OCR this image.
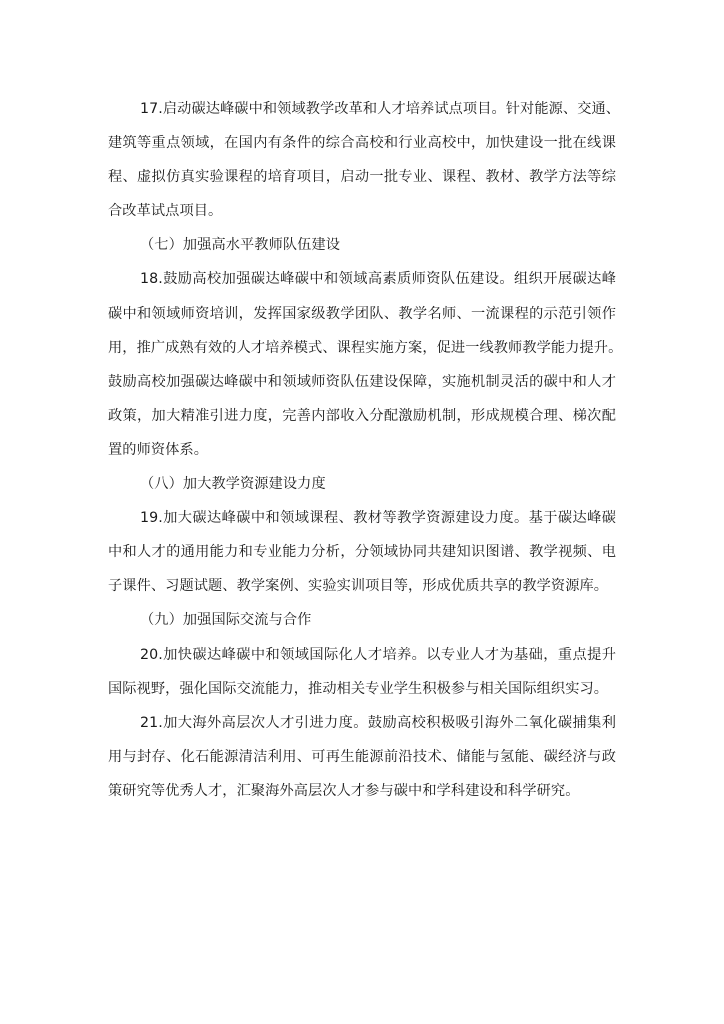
17.启动碳达峰碳中和领域教学改革和人才培养试点项目。针对能源、交通、
建筑等重点领域，在国内有条件的综合高校和行业高校中，加快建设一批在线课
程、虚拟仿真实验课程的培育项目，启动一批专业、课程、教材、教学方法等综
合改革试点项目。
（七）加强高水平教师队伍建设
18.鼓励高校加强碳达峰碳中和领域高素质师资队伍建设。组织开展碳达峰
碳中和领域师资培训，发挥国家级教学团队、教学名师、一流课程的示范引领作
用，推广成熟有效的人才培养模式、课程实施方案，促进一线教师教学能力提升。
鼓励高校加强碳达峰碳中和领域师资队伍建设保障，实施机制灵活的碳中和人才
政策，加大精准引进力度，完善内部收入分配激励机制，形成规模合理、梯次配
置的师资体系。
（八）加大教学资源建设力度
19.加大碳达峰碳中和领域课程、教材等教学资源建设力度。基于碳达峰碳
中和人才的通用能力和专业能力分析，分领域协同共建知识图谱、教学视频、电
子课件、习题试题、教学案例、实验实训项目等，形成优质共享的教学资源库。
（九）加强国际交流与合作
20.加快碳达峰碳中和领域国际化人才培养。以专业人才为基础，重点提升
国际视野，强化国际交流能力，推动相关专业学生积极参与相关国际组织实习。
21.加大海外高层次人才引进力度。鼓励高校积极吸引海外二氧化碳捕集利
用与封存、化石能源清洁利用、可再生能源前沿技术、储能与氢能、碳经济与政
策研究等优秀人才，汇聚海外高层次人才参与碳中和学科建设和科学研究。
